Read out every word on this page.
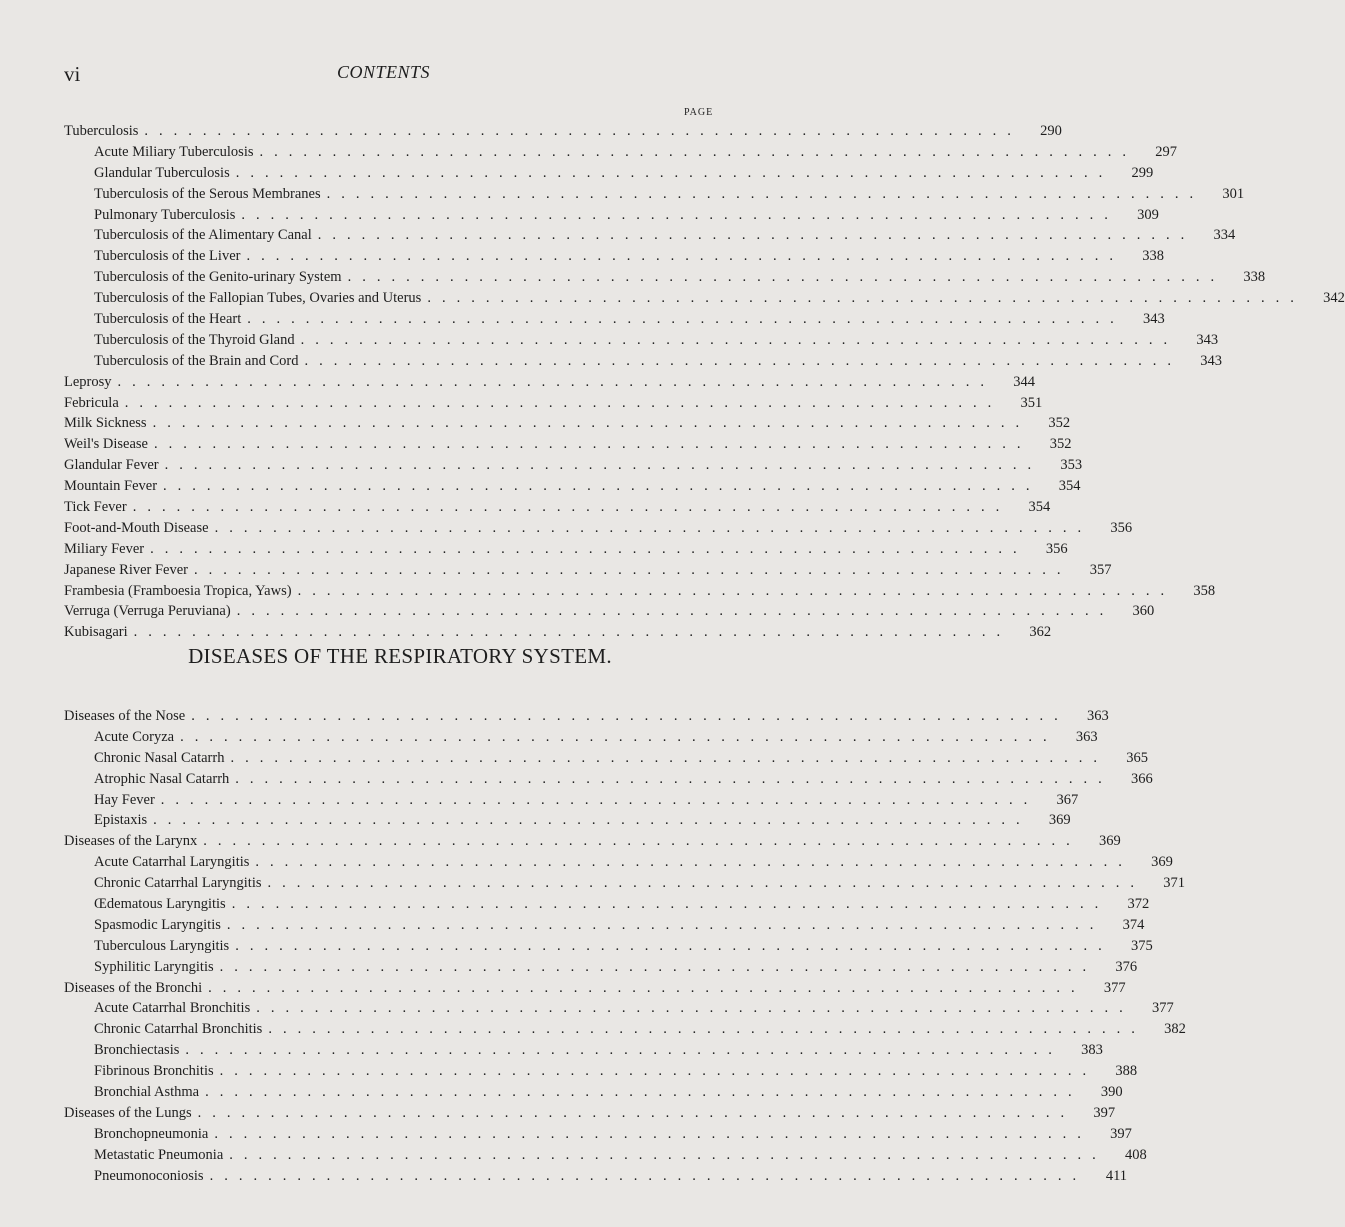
vi	CONTENTS
PAGE
Tuberculosis ............................................................	290
Acute Miliary Tuberculosis ............................................................	297
Glandular Tuberculosis ............................................................	299
Tuberculosis of the Serous Membranes ............................................................	301
Pulmonary Tuberculosis ............................................................	309
Tuberculosis of the Alimentary Canal ............................................................	334
Tuberculosis of the Liver ............................................................	338
Tuberculosis of the Genito-urinary System ............................................................	338
Tuberculosis of the Fallopian Tubes, Ovaries and Uterus ............................................................	342
Tuberculosis of the Heart ............................................................	343
Tuberculosis of the Thyroid Gland ............................................................	343
Tuberculosis of the Brain and Cord ............................................................	343
Leprosy ............................................................	344
Febricula ............................................................	351
Milk Sickness ............................................................	352
Weil's Disease ............................................................	352
Glandular Fever ............................................................	353
Mountain Fever ............................................................	354
Tick Fever ............................................................	354
Foot-and-Mouth Disease ............................................................	356
Miliary Fever ............................................................	356
Japanese River Fever ............................................................	357
Frambesia (Framboesia Tropica, Yaws) ............................................................	358
Verruga (Verruga Peruviana) ............................................................	360
Kubisagari ............................................................	362
DISEASES OF THE RESPIRATORY SYSTEM.
Diseases of the Nose ............................................................	363
Acute Coryza ............................................................	363
Chronic Nasal Catarrh ............................................................	365
Atrophic Nasal Catarrh ............................................................	366
Hay Fever ............................................................	367
Epistaxis ............................................................	369
Diseases of the Larynx ............................................................	369
Acute Catarrhal Laryngitis ............................................................	369
Chronic Catarrhal Laryngitis ............................................................	371
Œdematous Laryngitis ............................................................	372
Spasmodic Laryngitis ............................................................	374
Tuberculous Laryngitis ............................................................	375
Syphilitic Laryngitis ............................................................	376
Diseases of the Bronchi ............................................................	377
Acute Catarrhal Bronchitis ............................................................	377
Chronic Catarrhal Bronchitis ............................................................	382
Bronchiectasis ............................................................	383
Fibrinous Bronchitis ............................................................	388
Bronchial Asthma ............................................................	390
Diseases of the Lungs ............................................................	397
Bronchopneumonia ............................................................	397
Metastatic Pneumonia ............................................................	408
Pneumonoconiosis ............................................................	411
